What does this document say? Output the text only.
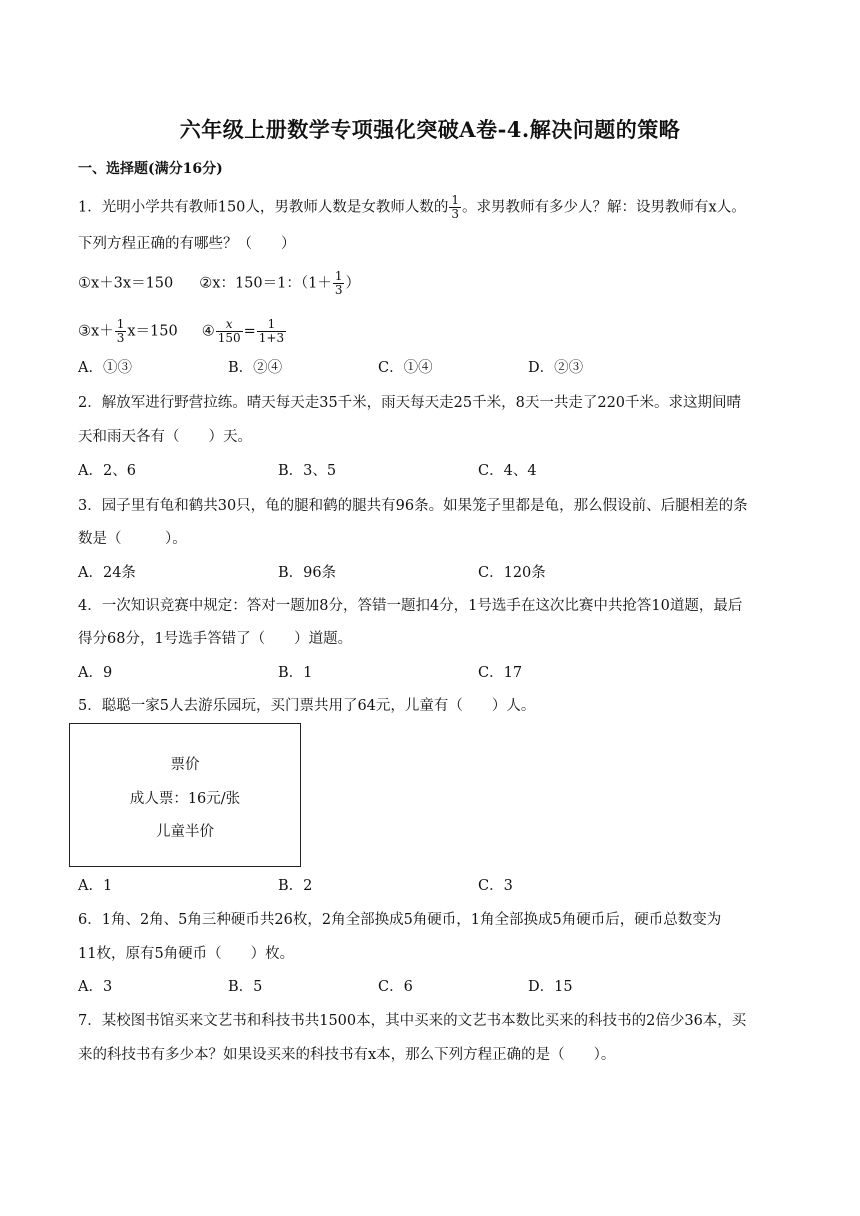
六年级上册数学专项强化突破A卷-4.解决问题的策略
一、选择题(满分16分)
1．光明小学共有教师150人，男教师人数是女教师人数的 $\frac{1}{3}$ 。求男教师有多少人？解：设男教师有x人。
下列方程正确的有哪些？（　　）
①x＋3x＝150 ②x：150＝1：（$1+ \frac{1}{3}$ ）
③x＋ $\frac{1}{3} x=150$ ④ $\frac{x}{150} = \frac{1}{1+3}$
A．①③	B．②④	C．①④	D．②③
2．解放军进行野营拉练。晴天每天走35千米，雨天每天走25千米，8天一共走了220千米。求这期间晴
天和雨天各有（　　）天。
A．2、6	B．3、5	C．4、4
3．园子里有龟和鹤共30只，龟的腿和鹤的腿共有96条。如果笼子里都是龟，那么假设前、后腿相差的条
数是（　　　）。
A．24条	B．96条	C．120条
4．一次知识竞赛中规定：答对一题加8分，答错一题扣4分，1号选手在这次比赛中共抢答10道题，最后
得分68分，1号选手答错了（　　）道题。
A．9	B．1	C．17
5．聪聪一家5人去游乐园玩，买门票共用了64元，儿童有（　　）人。
票价
成人票：16元/张
儿童半价
A．1	B．2	C．3
6．1角、2角、5角三种硬币共26枚，2角全部换成5角硬币，1角全部换成5角硬币后，硬币总数变为
11枚，原有5角硬币（　　）枚。
A．3	B．5	C．6	D．15
7．某校图书馆买来文艺书和科技书共1500本，其中买来的文艺书本数比买来的科技书的2倍少36本，买
来的科技书有多少本？如果设买来的科技书有x本，那么下列方程正确的是（　　）。
